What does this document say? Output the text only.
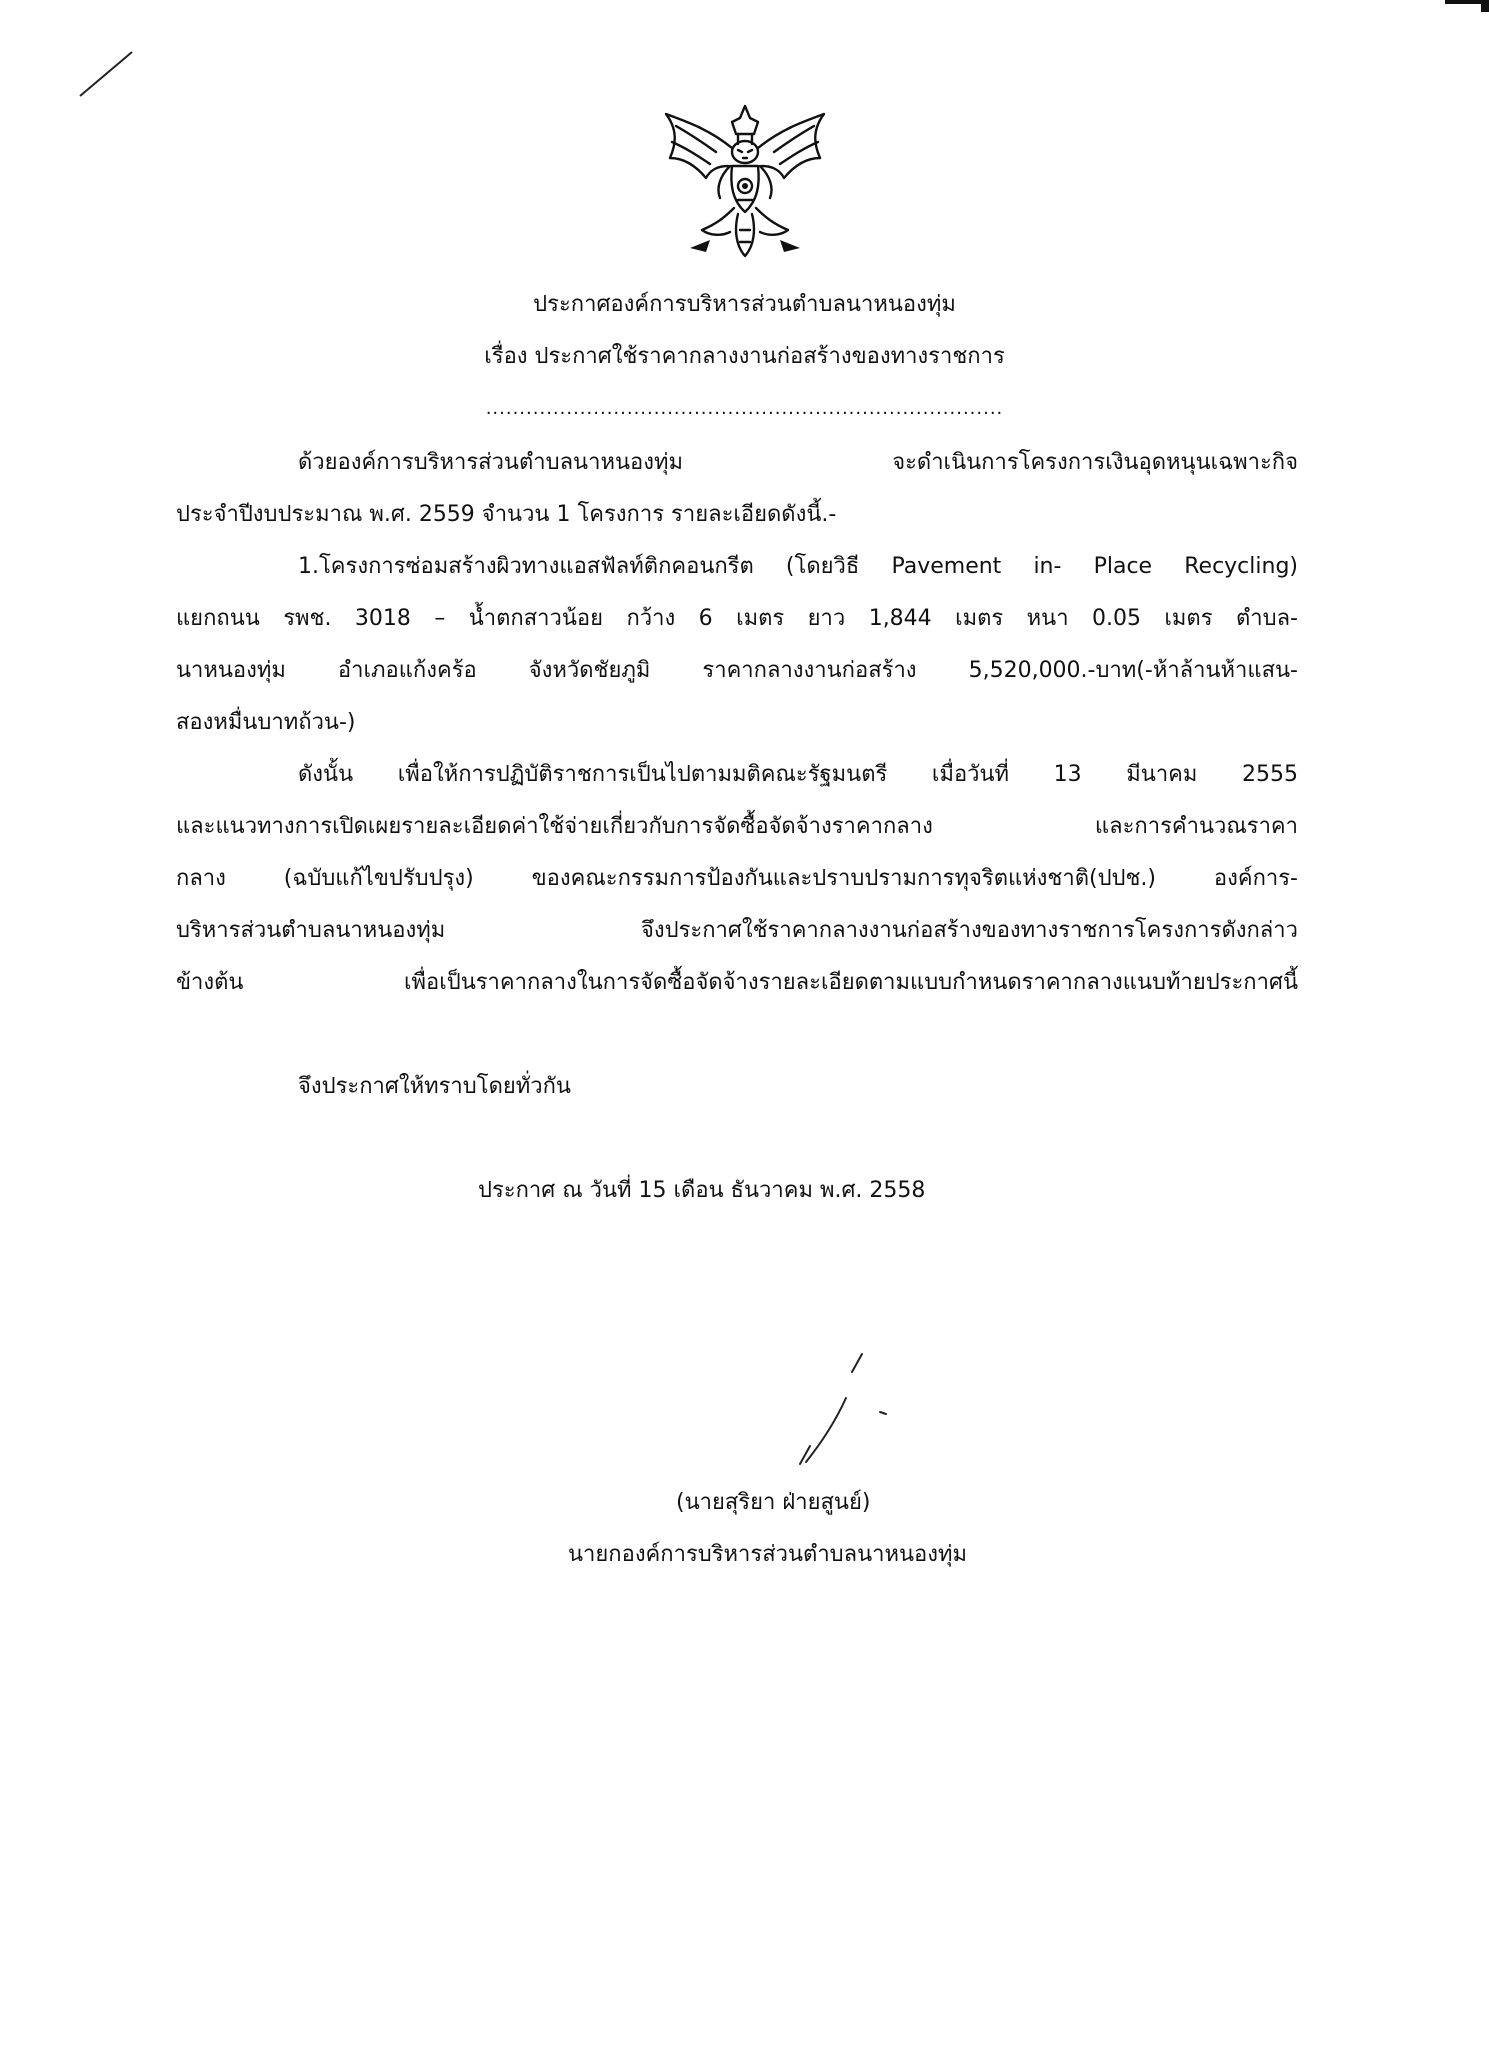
ประกาศองค์การบริหารส่วนตำบลนาหนองทุ่ม
เรื่อง ประกาศใช้ราคากลางงานก่อสร้างของทางราชการ
.............................................................................
ด้วยองค์การบริหารส่วนตำบลนาหนองทุ่ม จะดำเนินการโครงการเงินอุดหนุนเฉพาะกิจ
ประจำปีงบประมาณ พ.ศ. 2559 จำนวน 1 โครงการ รายละเอียดดังนี้.-
1.โครงการซ่อมสร้างผิวทางแอสฟัลท์ติกคอนกรีต (โดยวิธี Pavement in- Place Recycling)
แยกถนน รพช. 3018 – น้ำตกสาวน้อย กว้าง 6 เมตร ยาว 1,844 เมตร หนา 0.05 เมตร ตำบล-
นาหนองทุ่ม อำเภอแก้งคร้อ จังหวัดชัยภูมิ ราคากลางงานก่อสร้าง 5,520,000.-บาท(-ห้าล้านห้าแสน-
สองหมื่นบาทถ้วน-)
ดังนั้น เพื่อให้การปฏิบัติราชการเป็นไปตามมติคณะรัฐมนตรี เมื่อวันที่ 13 มีนาคม 2555
และแนวทางการเปิดเผยรายละเอียดค่าใช้จ่ายเกี่ยวกับการจัดซื้อจัดจ้างราคากลาง และการคำนวณราคา
กลาง (ฉบับแก้ไขปรับปรุง) ของคณะกรรมการป้องกันและปราบปรามการทุจริตแห่งชาติ(ปปช.) องค์การ-
บริหารส่วนตำบลนาหนองทุ่ม จึงประกาศใช้ราคากลางงานก่อสร้างของทางราชการโครงการดังกล่าว
ข้างต้น เพื่อเป็นราคากลางในการจัดซื้อจัดจ้างรายละเอียดตามแบบกำหนดราคากลางแนบท้ายประกาศนี้
จึงประกาศให้ทราบโดยทั่วกัน
ประกาศ ณ วันที่ 15 เดือน ธันวาคม พ.ศ. 2558
(นายสุริยา ฝ่ายสูนย์)
นายกองค์การบริหารส่วนตำบลนาหนองทุ่ม
